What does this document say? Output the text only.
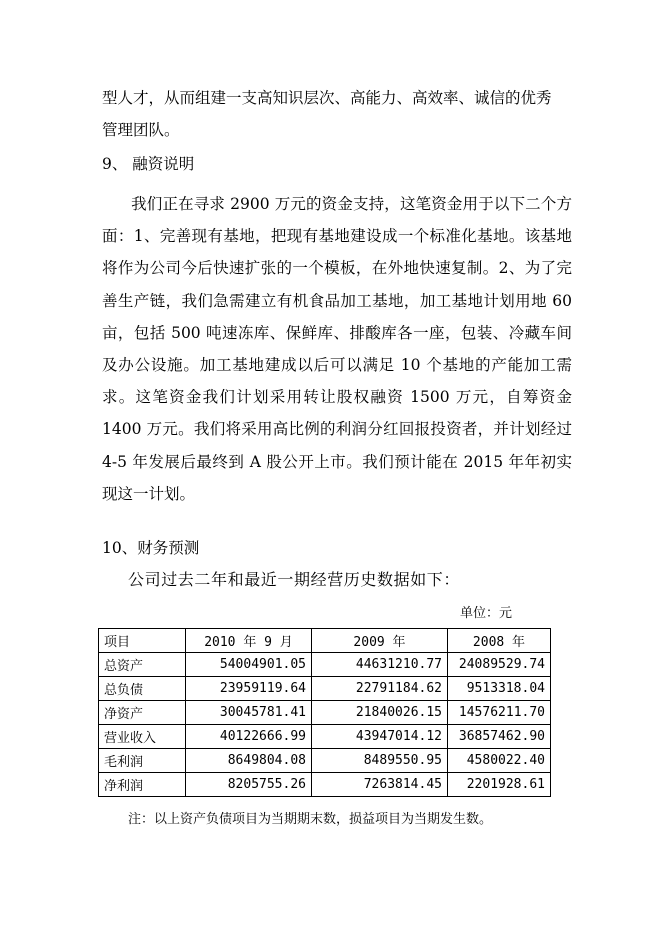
型人才，从而组建一支高知识层次、高能力、高效率、诚信的优秀

管理团队。

9、 融资说明

我们正在寻求 2900 万元的资金支持，这笔资金用于以下二个方面：1、完善现有基地，把现有基地建设成一个标准化基地。该基地将作为公司今后快速扩张的一个模板，在外地快速复制。2、为了完善生产链，我们急需建立有机食品加工基地，加工基地计划用地 60 亩，包括 500 吨速冻库、保鲜库、排酸库各一座，包装、冷藏车间及办公设施。加工基地建成以后可以满足 10 个基地的产能加工需求。这笔资金我们计划采用转让股权融资 1500 万元，自筹资金 1400 万元。我们将采用高比例的利润分红回报投资者，并计划经过 4-5 年发展后最终到 A 股公开上市。我们预计能在 2015 年年初实现这一计划。

10、财务预测

公司过去二年和最近一期经营历史数据如下：

单位：元

项目	2010 年 9 月	2009 年	2008 年
总资产	54004901.05	44631210.77	24089529.74
总负债	23959119.64	22791184.62	9513318.04
净资产	30045781.41	21840026.15	14576211.70
营业收入	40122666.99	43947014.12	36857462.90
毛利润	8649804.08	8489550.95	4580022.40
净利润	8205755.26	7263814.45	2201928.61

注：以上资产负债项目为当期期末数，损益项目为当期发生数。
